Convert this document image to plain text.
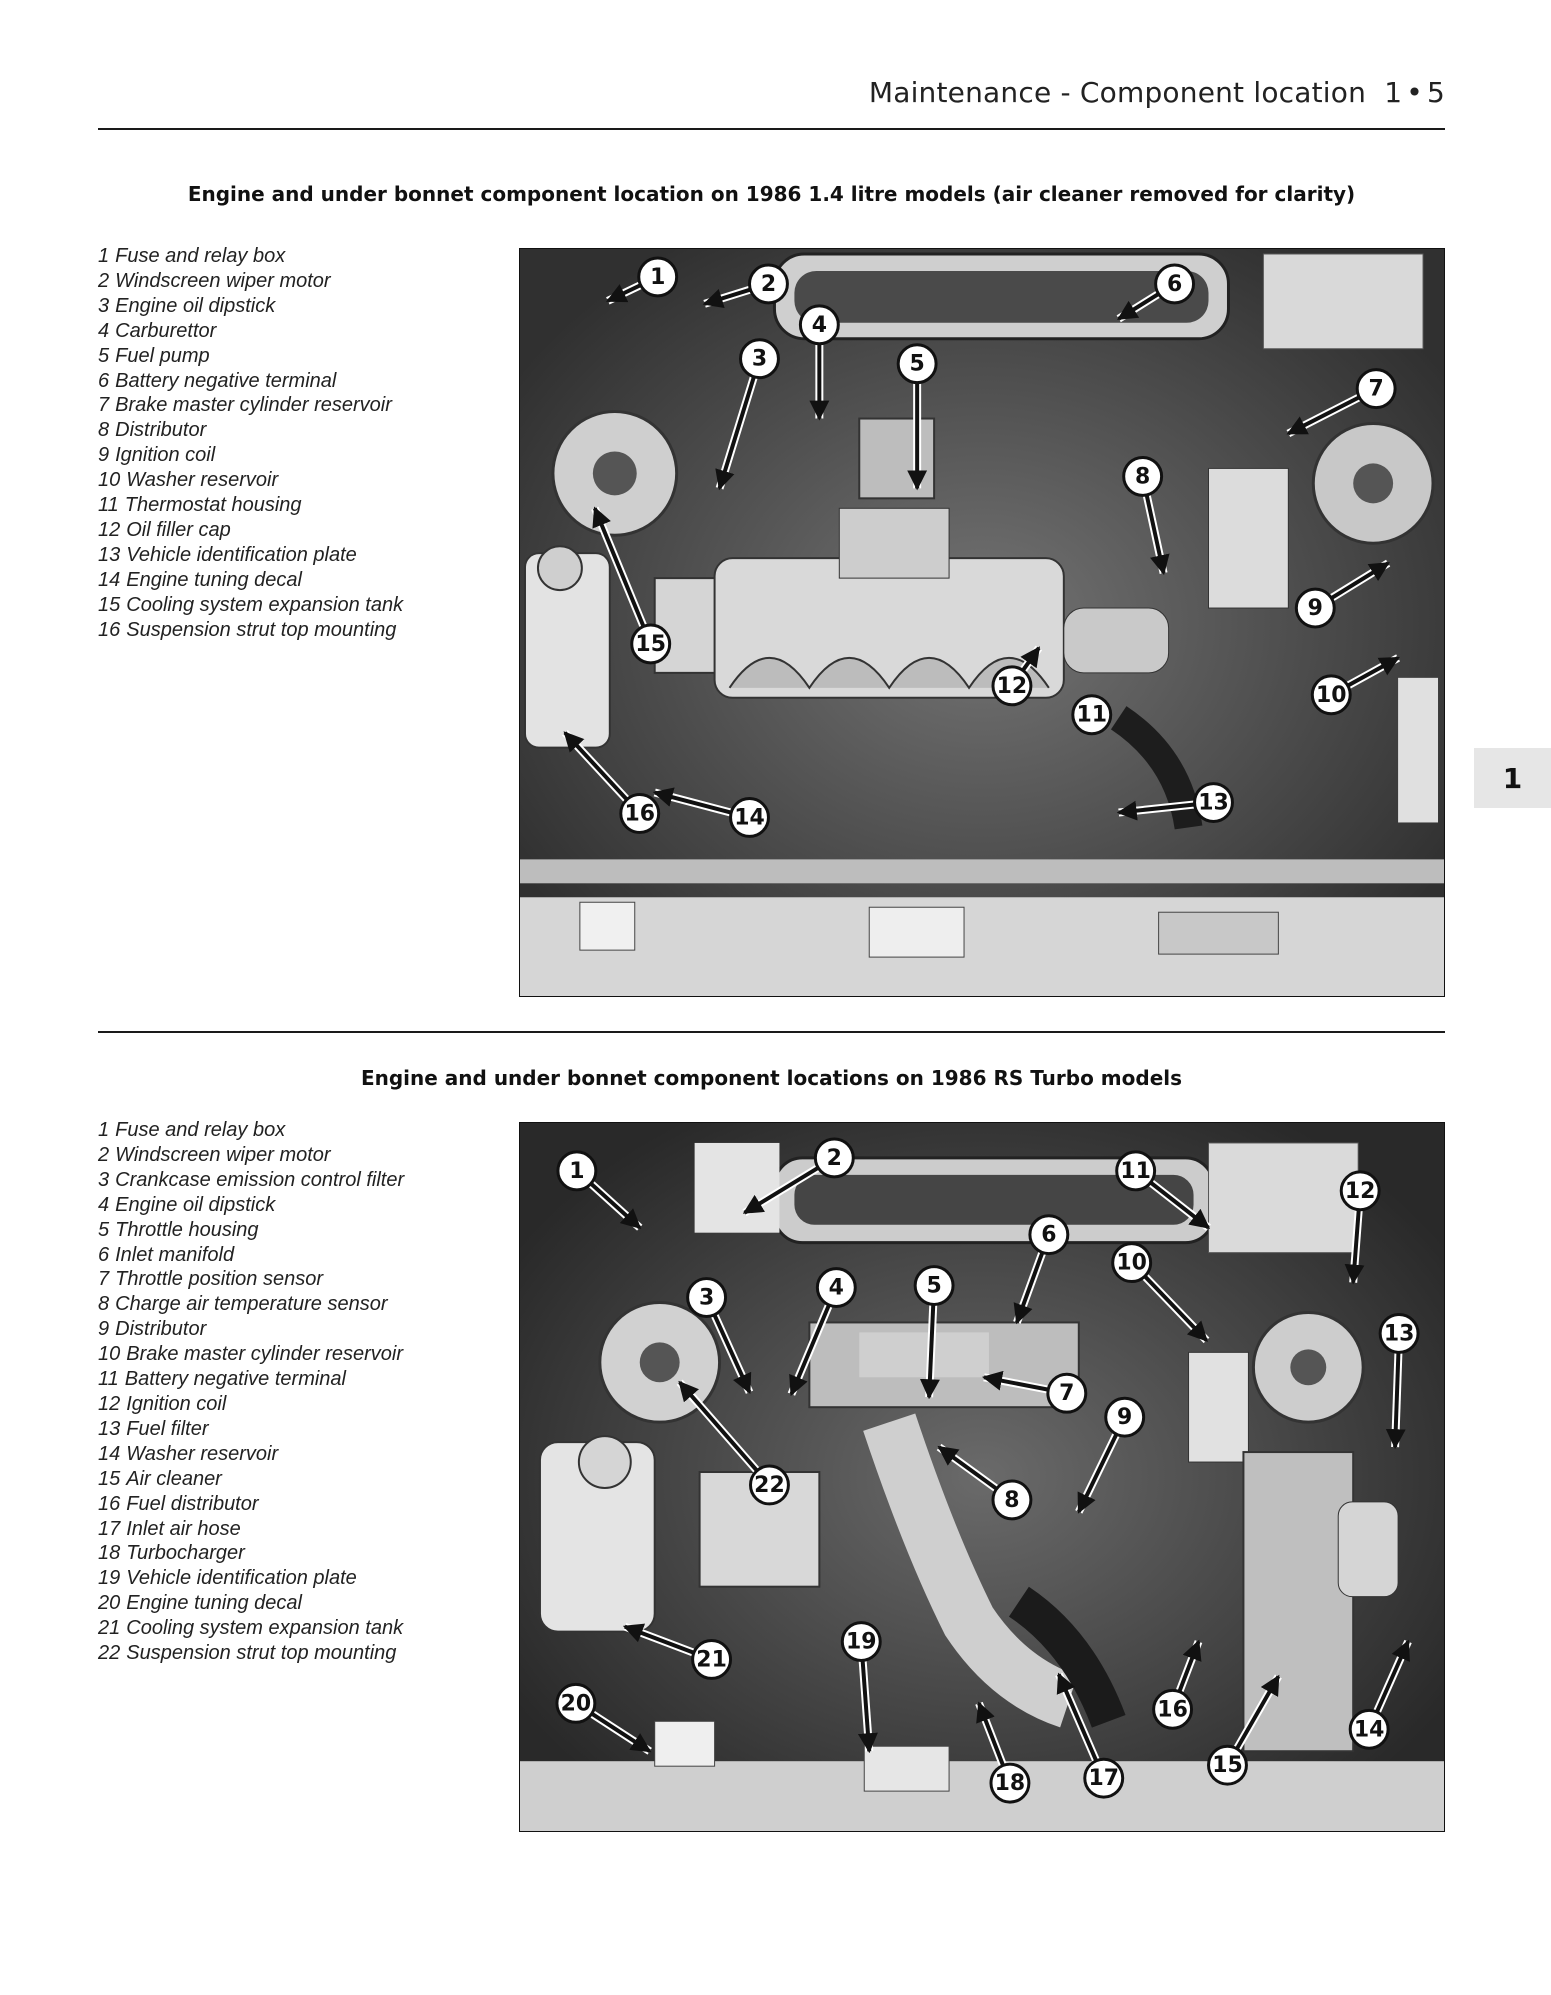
Maintenance - Component location 1 • 5
Engine and under bonnet component location on 1986 1.4 litre models (air cleaner removed for clarity)
1 Fuse and relay box
2 Windscreen wiper motor
3 Engine oil dipstick
4 Carburettor
5 Fuel pump
6 Battery negative terminal
7 Brake master cylinder reservoir
8 Distributor
9 Ignition coil
10 Washer reservoir
11 Thermostat housing
12 Oil filler cap
13 Vehicle identification plate
14 Engine tuning decal
15 Cooling system expansion tank
16 Suspension strut top mounting
1	2
3
4
5
6
7
8
9
10
11
12
13
14
15
16
Engine and under bonnet component locations on 1986 RS Turbo models
1 Fuse and relay box
2 Windscreen wiper motor
3 Crankcase emission control filter
4 Engine oil dipstick
5 Throttle housing
6 Inlet manifold
7 Throttle position sensor
8 Charge air temperature sensor
9 Distributor
10 Brake master cylinder reservoir
11 Battery negative terminal
12 Ignition coil
13 Fuel filter
14 Washer reservoir
15 Air cleaner
16 Fuel distributor
17 Inlet air hose
18 Turbocharger
19 Vehicle identification plate
20 Engine tuning decal
21 Cooling system expansion tank
22 Suspension strut top mounting
1
2
3	4	5
6
7
8
9
10
11
12
13
14
15
16
17
18
19
20
21
22
1
